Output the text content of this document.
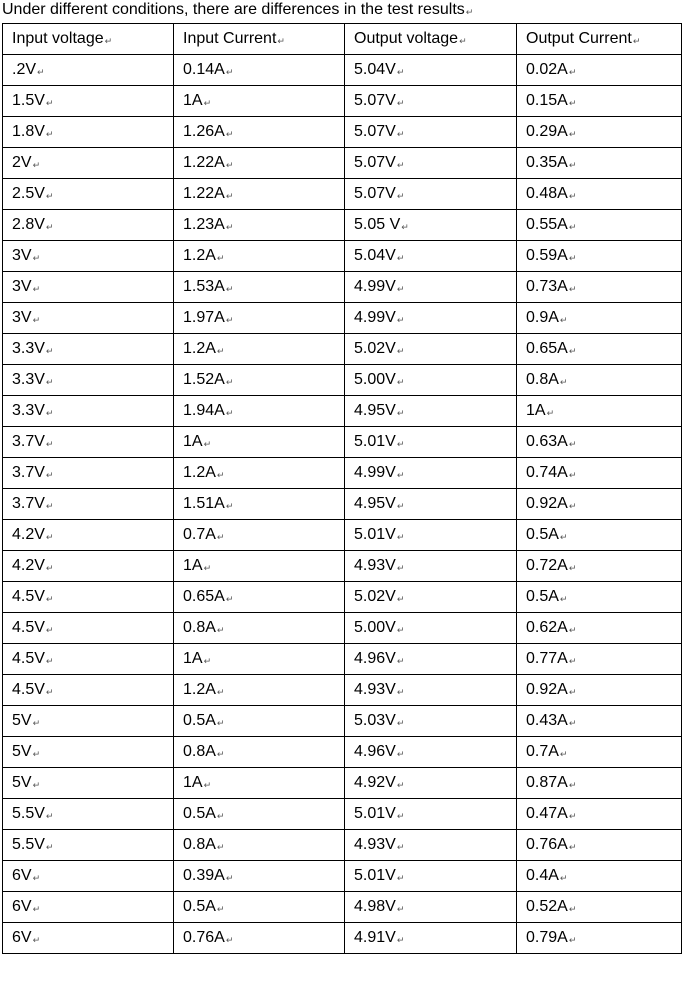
Under different conditions, there are differences in the test results ↵
Input voltage ↵	Input Current ↵	Output voltage ↵	Output Current ↵
.2V ↵	0.14A ↵	5.04V ↵	0.02A ↵
1.5V ↵	1A ↵	5.07V ↵	0.15A ↵
1.8V ↵	1.26A ↵	5.07V ↵	0.29A ↵
2V ↵	1.22A ↵	5.07V ↵	0.35A ↵
2.5V ↵	1.22A ↵	5.07V ↵	0.48A ↵
2.8V ↵	1.23A ↵	5.05 V ↵	0.55A ↵
3V ↵	1.2A ↵	5.04V ↵	0.59A ↵
3V ↵	1.53A ↵	4.99V ↵	0.73A ↵
3V ↵	1.97A ↵	4.99V ↵	0.9A ↵
3.3V ↵	1.2A ↵	5.02V ↵	0.65A ↵
3.3V ↵	1.52A ↵	5.00V ↵	0.8A ↵
3.3V ↵	1.94A ↵	4.95V ↵	1A ↵
3.7V ↵	1A ↵	5.01V ↵	0.63A ↵
3.7V ↵	1.2A ↵	4.99V ↵	0.74A ↵
3.7V ↵	1.51A ↵	4.95V ↵	0.92A ↵
4.2V ↵	0.7A ↵	5.01V ↵	0.5A ↵
4.2V ↵	1A ↵	4.93V ↵	0.72A ↵
4.5V ↵	0.65A ↵	5.02V ↵	0.5A ↵
4.5V ↵	0.8A ↵	5.00V ↵	0.62A ↵
4.5V ↵	1A ↵	4.96V ↵	0.77A ↵
4.5V ↵	1.2A ↵	4.93V ↵	0.92A ↵
5V ↵	0.5A ↵	5.03V ↵	0.43A ↵
5V ↵	0.8A ↵	4.96V ↵	0.7A ↵
5V ↵	1A ↵	4.92V ↵	0.87A ↵
5.5V ↵	0.5A ↵	5.01V ↵	0.47A ↵
5.5V ↵	0.8A ↵	4.93V ↵	0.76A ↵
6V ↵	0.39A ↵	5.01V ↵	0.4A ↵
6V ↵	0.5A ↵	4.98V ↵	0.52A ↵
6V ↵	0.76A ↵	4.91V ↵	0.79A ↵
